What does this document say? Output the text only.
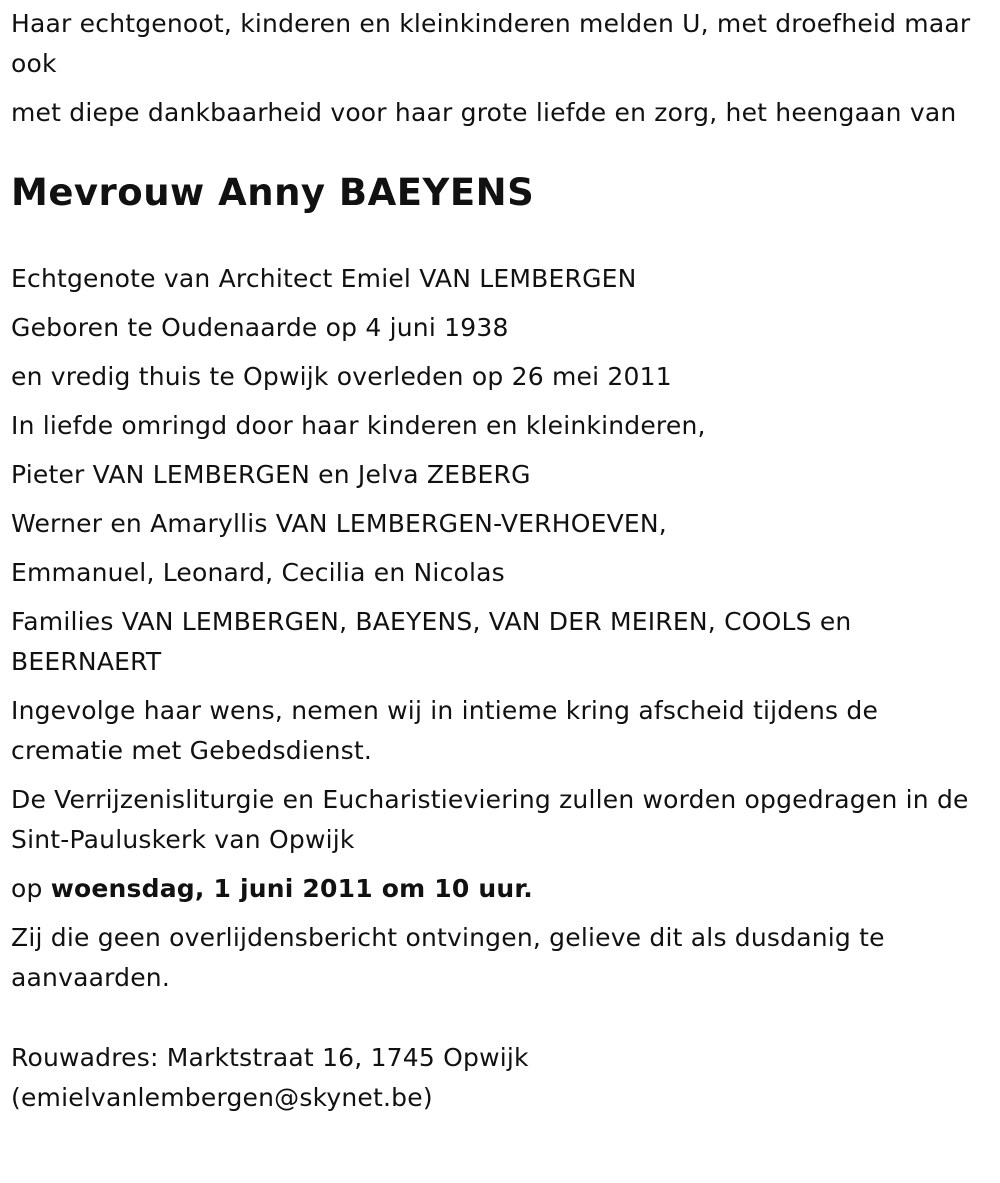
Haar echtgenoot, kinderen en kleinkinderen melden U, met droefheid maar ook

met diepe dankbaarheid voor haar grote liefde en zorg, het heengaan van

Mevrouw Anny BAEYENS

Echtgenote van Architect Emiel VAN LEMBERGEN

Geboren te Oudenaarde op 4 juni 1938

en vredig thuis te Opwijk overleden op 26 mei 2011

In liefde omringd door haar kinderen en kleinkinderen,

Pieter VAN LEMBERGEN en Jelva ZEBERG

Werner en Amaryllis VAN LEMBERGEN-VERHOEVEN,

Emmanuel, Leonard, Cecilia en Nicolas

Families VAN LEMBERGEN, BAEYENS, VAN DER MEIREN, COOLS en BEERNAERT

Ingevolge haar wens, nemen wij in intieme kring afscheid tijdens de crematie met Gebedsdienst.

De Verrijzenisliturgie en Eucharistieviering zullen worden opgedragen in de Sint-Pauluskerk van Opwijk

op woensdag, 1 juni 2011 om 10 uur.

Zij die geen overlijdensbericht ontvingen, gelieve dit als dusdanig te aanvaarden.

Rouwadres: Marktstraat 16, 1745 Opwijk

(emielvanlembergen@skynet.be)
